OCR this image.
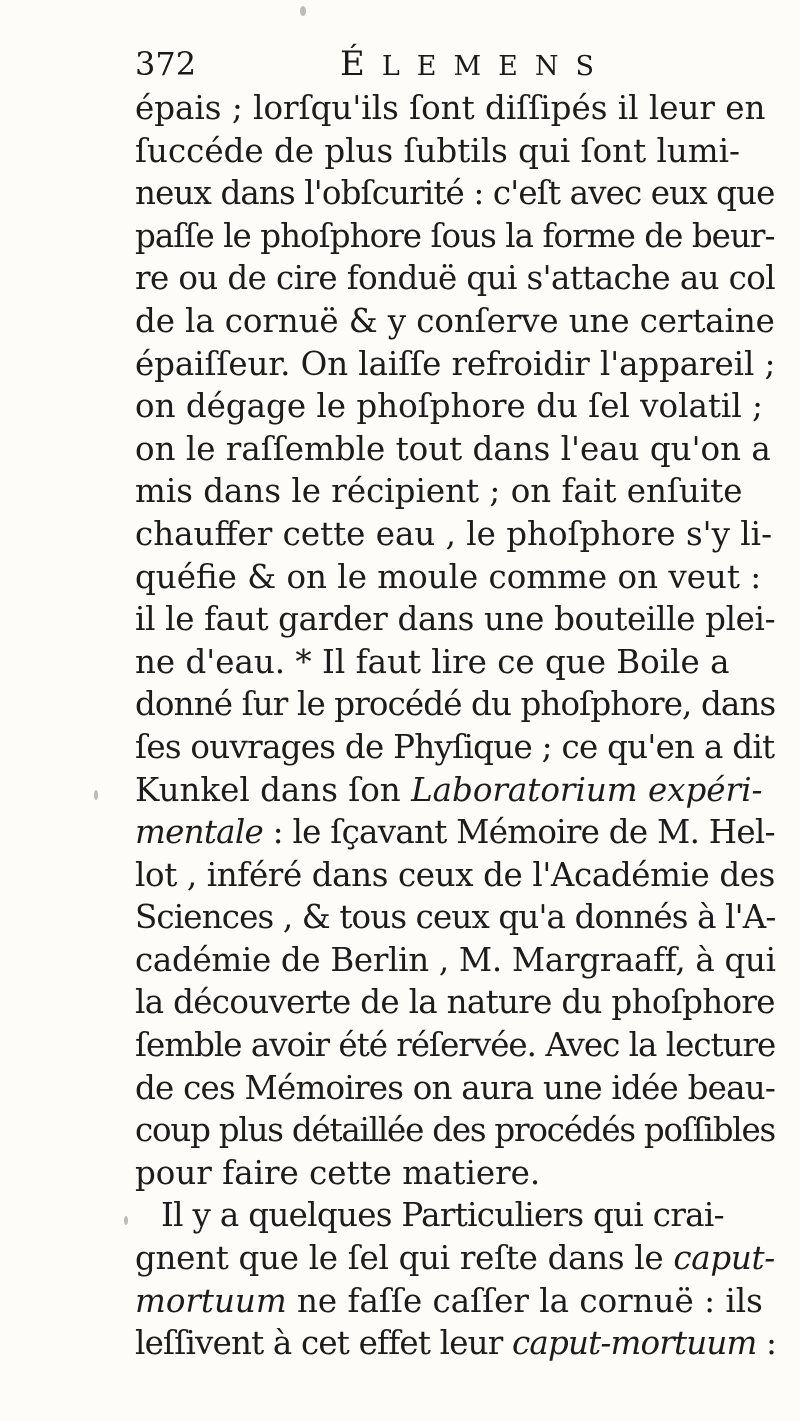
372	ÉLEMENS
épais ; lorſqu'ils ſont diſſipés il leur en
ſuccéde de plus ſubtils qui ſont lumi-
neux dans l'obſcurité : c'eſt avec eux que
paſſe le phoſphore ſous la forme de beur-
re ou de cire fonduë qui s'attache au col
de la cornuë & y conſerve une certaine
épaiſſeur. On laiſſe refroidir l'appareil ;
on dégage le phoſphore du ſel volatil ;
on le raſſemble tout dans l'eau qu'on a
mis dans le récipient ; on fait enſuite
chauffer cette eau , le phoſphore s'y li-
quéfie & on le moule comme on veut :
il le faut garder dans une bouteille plei-
ne d'eau. * Il faut lire ce que Boile a
donné ſur le procédé du phoſphore, dans
ſes ouvrages de Phyſique ; ce qu'en a dit
Kunkel dans ſon Laboratorium expéri-
mentale : le ſçavant Mémoire de M. Hel-
lot , inféré dans ceux de l'Académie des
Sciences , & tous ceux qu'a donnés à l'A-
cadémie de Berlin , M. Margraaff, à qui
la découverte de la nature du phoſphore
ſemble avoir été réſervée. Avec la lecture
de ces Mémoires on aura une idée beau-
coup plus détaillée des procédés poſſibles
pour faire cette matiere.
Il y a quelques Particuliers qui crai-
gnent que le ſel qui reſte dans le caput-
mortuum ne faſſe caſſer la cornuë : ils
leſſivent à cet effet leur caput-mortuum :
